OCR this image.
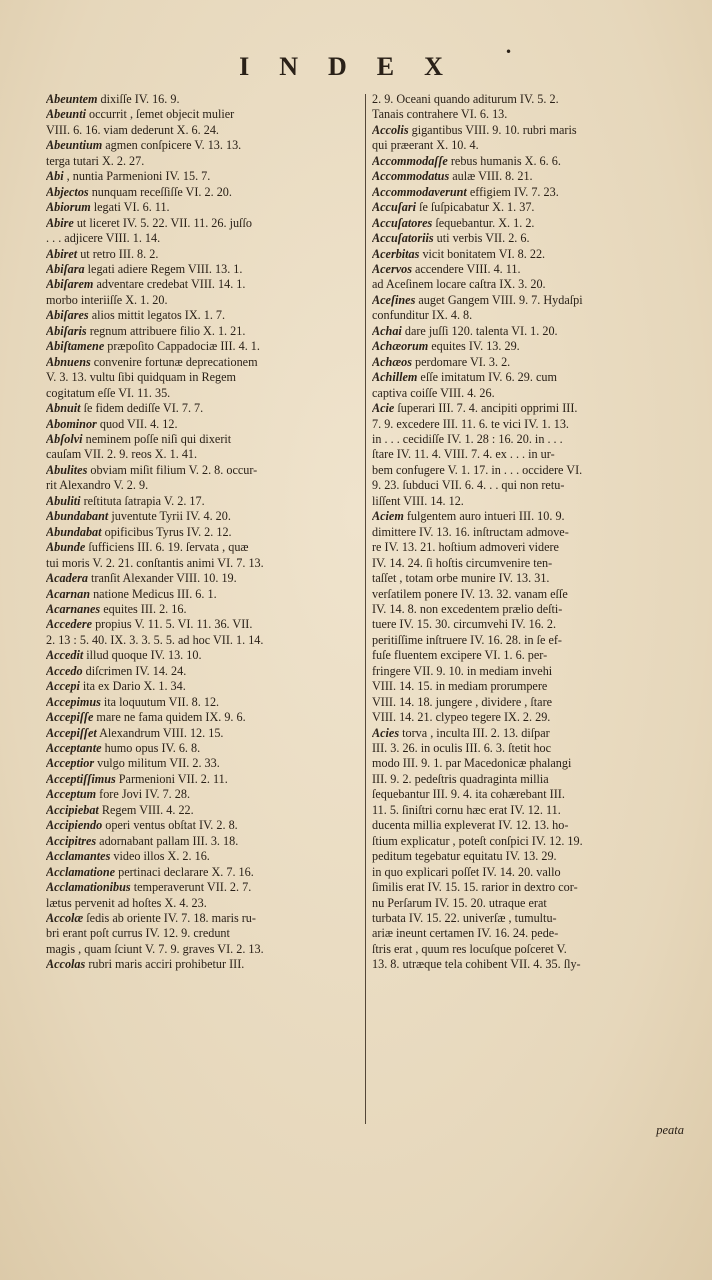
•
INDEX
Abeuntem dixiſſe IV. 16. 9.
Abeunti occurrit , ſemet objecit mulier
VIII. 6. 16. viam dederunt X. 6. 24.
Abeuntium agmen conſpicere V. 13. 13.
terga tutari X. 2. 27.
Abi , nuntia Parmenioni IV. 15. 7.
Abjectos nunquam receſſiſſe VI. 2. 20.
Abiorum legati VI. 6. 11.
Abire ut liceret IV. 5. 22. VII. 11. 26. juſſo
. . . adjicere VIII. 1. 14.
Abiret ut retro III. 8. 2.
Abiſara legati adiere Regem VIII. 13. 1.
Abiſarem adventare credebat VIII. 14. 1.
morbo interiiſſe X. 1. 20.
Abiſares alios mittit legatos IX. 1. 7.
Abiſaris regnum attribuere filio X. 1. 21.
Abiſtamene præpoſito Cappadociæ III. 4. 1.
Abnuens convenire fortunæ deprecationem
V. 3. 13. vultu ſibi quidquam in Regem
cogitatum eſſe VI. 11. 35.
Abnuit ſe fidem dediſſe VI. 7. 7.
Abominor quod VII. 4. 12.
Abſolvi neminem poſſe niſi qui dixerit
cauſam VII. 2. 9. reos X. 1. 41.
Abulites obviam miſit filium V. 2. 8. occur-
rit Alexandro V. 2. 9.
Abuliti reſtituta ſatrapia V. 2. 17.
Abundabant juventute Tyrii IV. 4. 20.
Abundabat opificibus Tyrus IV. 2. 12.
Abunde ſufficiens III. 6. 19. ſervata , quæ
tui moris V. 2. 21. conſtantis animi VI. 7. 13.
Acadera tranſit Alexander VIII. 10. 19.
Acarnan natione Medicus III. 6. 1.
Acarnanes equites III. 2. 16.
Accedere propius V. 11. 5. VI. 11. 36. VII.
2. 13 : 5. 40. IX. 3. 3. 5. 5. ad hoc VII. 1. 14.
Accedit illud quoque IV. 13. 10.
Accedo diſcrimen IV. 14. 24.
Accepi ita ex Dario X. 1. 34.
Accepimus ita loquutum VII. 8. 12.
Accepiſſe mare ne fama quidem IX. 9. 6.
Accepiſſet Alexandrum VIII. 12. 15.
Acceptante humo opus IV. 6. 8.
Acceptior vulgo militum VII. 2. 33.
Acceptiſſimus Parmenioni VII. 2. 11.
Acceptum fore Jovi IV. 7. 28.
Accipiebat Regem VIII. 4. 22.
Accipiendo operi ventus obſtat IV. 2. 8.
Accipitres adornabant pallam III. 3. 18.
Acclamantes video illos X. 2. 16.
Acclamatione pertinaci declarare X. 7. 16.
Acclamationibus temperaverunt VII. 2. 7.
lætus pervenit ad hoſtes X. 4. 23.
Accolæ ſedis ab oriente IV. 7. 18. maris ru-
bri erant poſt currus IV. 12. 9. credunt
magis , quam ſciunt V. 7. 9. graves VI. 2. 13.
Accolas rubri maris acciri prohibetur III.
2. 9. Oceani quando aditurum IV. 5. 2.
Tanais contrahere VI. 6. 13.
Accolis gigantibus VIII. 9. 10. rubri maris
qui præerant X. 10. 4.
Accommodaſſe rebus humanis X. 6. 6.
Accommodatus aulæ VIII. 8. 21.
Accommodaverunt effigiem IV. 7. 23.
Accuſari ſe ſuſpicabatur X. 1. 37.
Accuſatores ſequebantur. X. 1. 2.
Accuſatoriis uti verbis VII. 2. 6.
Acerbitas vicit bonitatem VI. 8. 22.
Acervos accendere VIII. 4. 11.
ad Aceſinem locare caſtra IX. 3. 20.
Aceſines auget Gangem VIII. 9. 7. Hydaſpi
confunditur IX. 4. 8.
Achai dare juſſi 120. talenta VI. 1. 20.
Achæorum equites IV. 13. 29.
Achæos perdomare VI. 3. 2.
Achillem eſſe imitatum IV. 6. 29. cum
captiva coiſſe VIII. 4. 26.
Acie ſuperari III. 7. 4. ancipiti opprimi III.
7. 9. excedere III. 11. 6. te vici IV. 1. 13.
in . . . cecidiſſe IV. 1. 28 : 16. 20. in . . .
ſtare IV. 11. 4. VIII. 7. 4. ex . . . in ur-
bem confugere V. 1. 17. in . . . occidere VI.
9. 23. ſubduci VII. 6. 4. . . qui non retu-
liſſent VIII. 14. 12.
Aciem fulgentem auro intueri III. 10. 9.
dimittere IV. 13. 16. inſtructam admove-
re IV. 13. 21. hoſtium admoveri videre
IV. 14. 24. ſi hoſtis circumvenire ten-
taſſet , totam orbe munire IV. 13. 31.
verſatilem ponere IV. 13. 32. vanam eſſe
IV. 14. 8. non excedentem prælio deſti-
tuere IV. 15. 30. circumvehi IV. 16. 2.
peritiſſime inſtruere IV. 16. 28. in ſe ef-
fuſe fluentem excipere VI. 1. 6. per-
fringere VII. 9. 10. in mediam invehi
VIII. 14. 15. in mediam prorumpere
VIII. 14. 18. jungere , dividere , ſtare
VIII. 14. 21. clypeo tegere IX. 2. 29.
Acies torva , inculta III. 2. 13. diſpar
III. 3. 26. in oculis III. 6. 3. ſtetit hoc
modo III. 9. 1. par Macedonicæ phalangi
III. 9. 2. pedeſtris quadraginta millia
ſequebantur III. 9. 4. ita cohærebant III.
11. 5. ſiniſtri cornu hæc erat IV. 12. 11.
ducenta millia expleverat IV. 12. 13. ho-
ſtium explicatur , poteſt conſpici IV. 12. 19.
peditum tegebatur equitatu IV. 13. 29.
in quo explicari poſſet IV. 14. 20. vallo
ſimilis erat IV. 15. 15. rarior in dextro cor-
nu Perſarum IV. 15. 20. utraque erat
turbata IV. 15. 22. univerſæ , tumultu-
ariæ ineunt certamen IV. 16. 24. pede-
ſtris erat , quum res locuſque poſceret V.
13. 8. utræque tela cohibent VII. 4. 35. ſly-
peata
